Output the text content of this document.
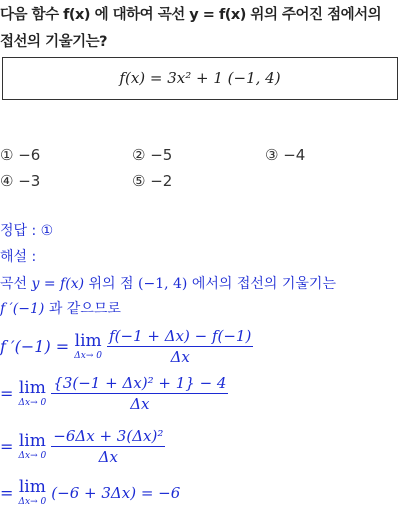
다음 함수 f(x) 에 대하여 곡선 y = f(x) 위의 주어진 점에서의
접선의 기울기는?
f(x) = 3x² + 1 (−1, 4)
① −6	② −5	③ −4
④ −3	⑤ −2
정답 : ①
해설 :
곡선 y = f(x) 위의 점 (−1, 4) 에서의 접선의 기울기는
f ′(−1) 과 같으므로
f ′(−1) = lim
Δx→ 0
$\frac{f(-1 + \Delta x) - f(-1)}{\Delta x}$
= lim
Δx→ 0
$\frac{\text{\{3(−1 + Δx)² + 1\} − 4}}{\Delta x}$
= lim
Δx→ 0
$\frac{\text{−6Δx + 3(Δx)²}}{\Delta x}$
= lim
Δx→ 0 (−6 + 3Δx) = −6
